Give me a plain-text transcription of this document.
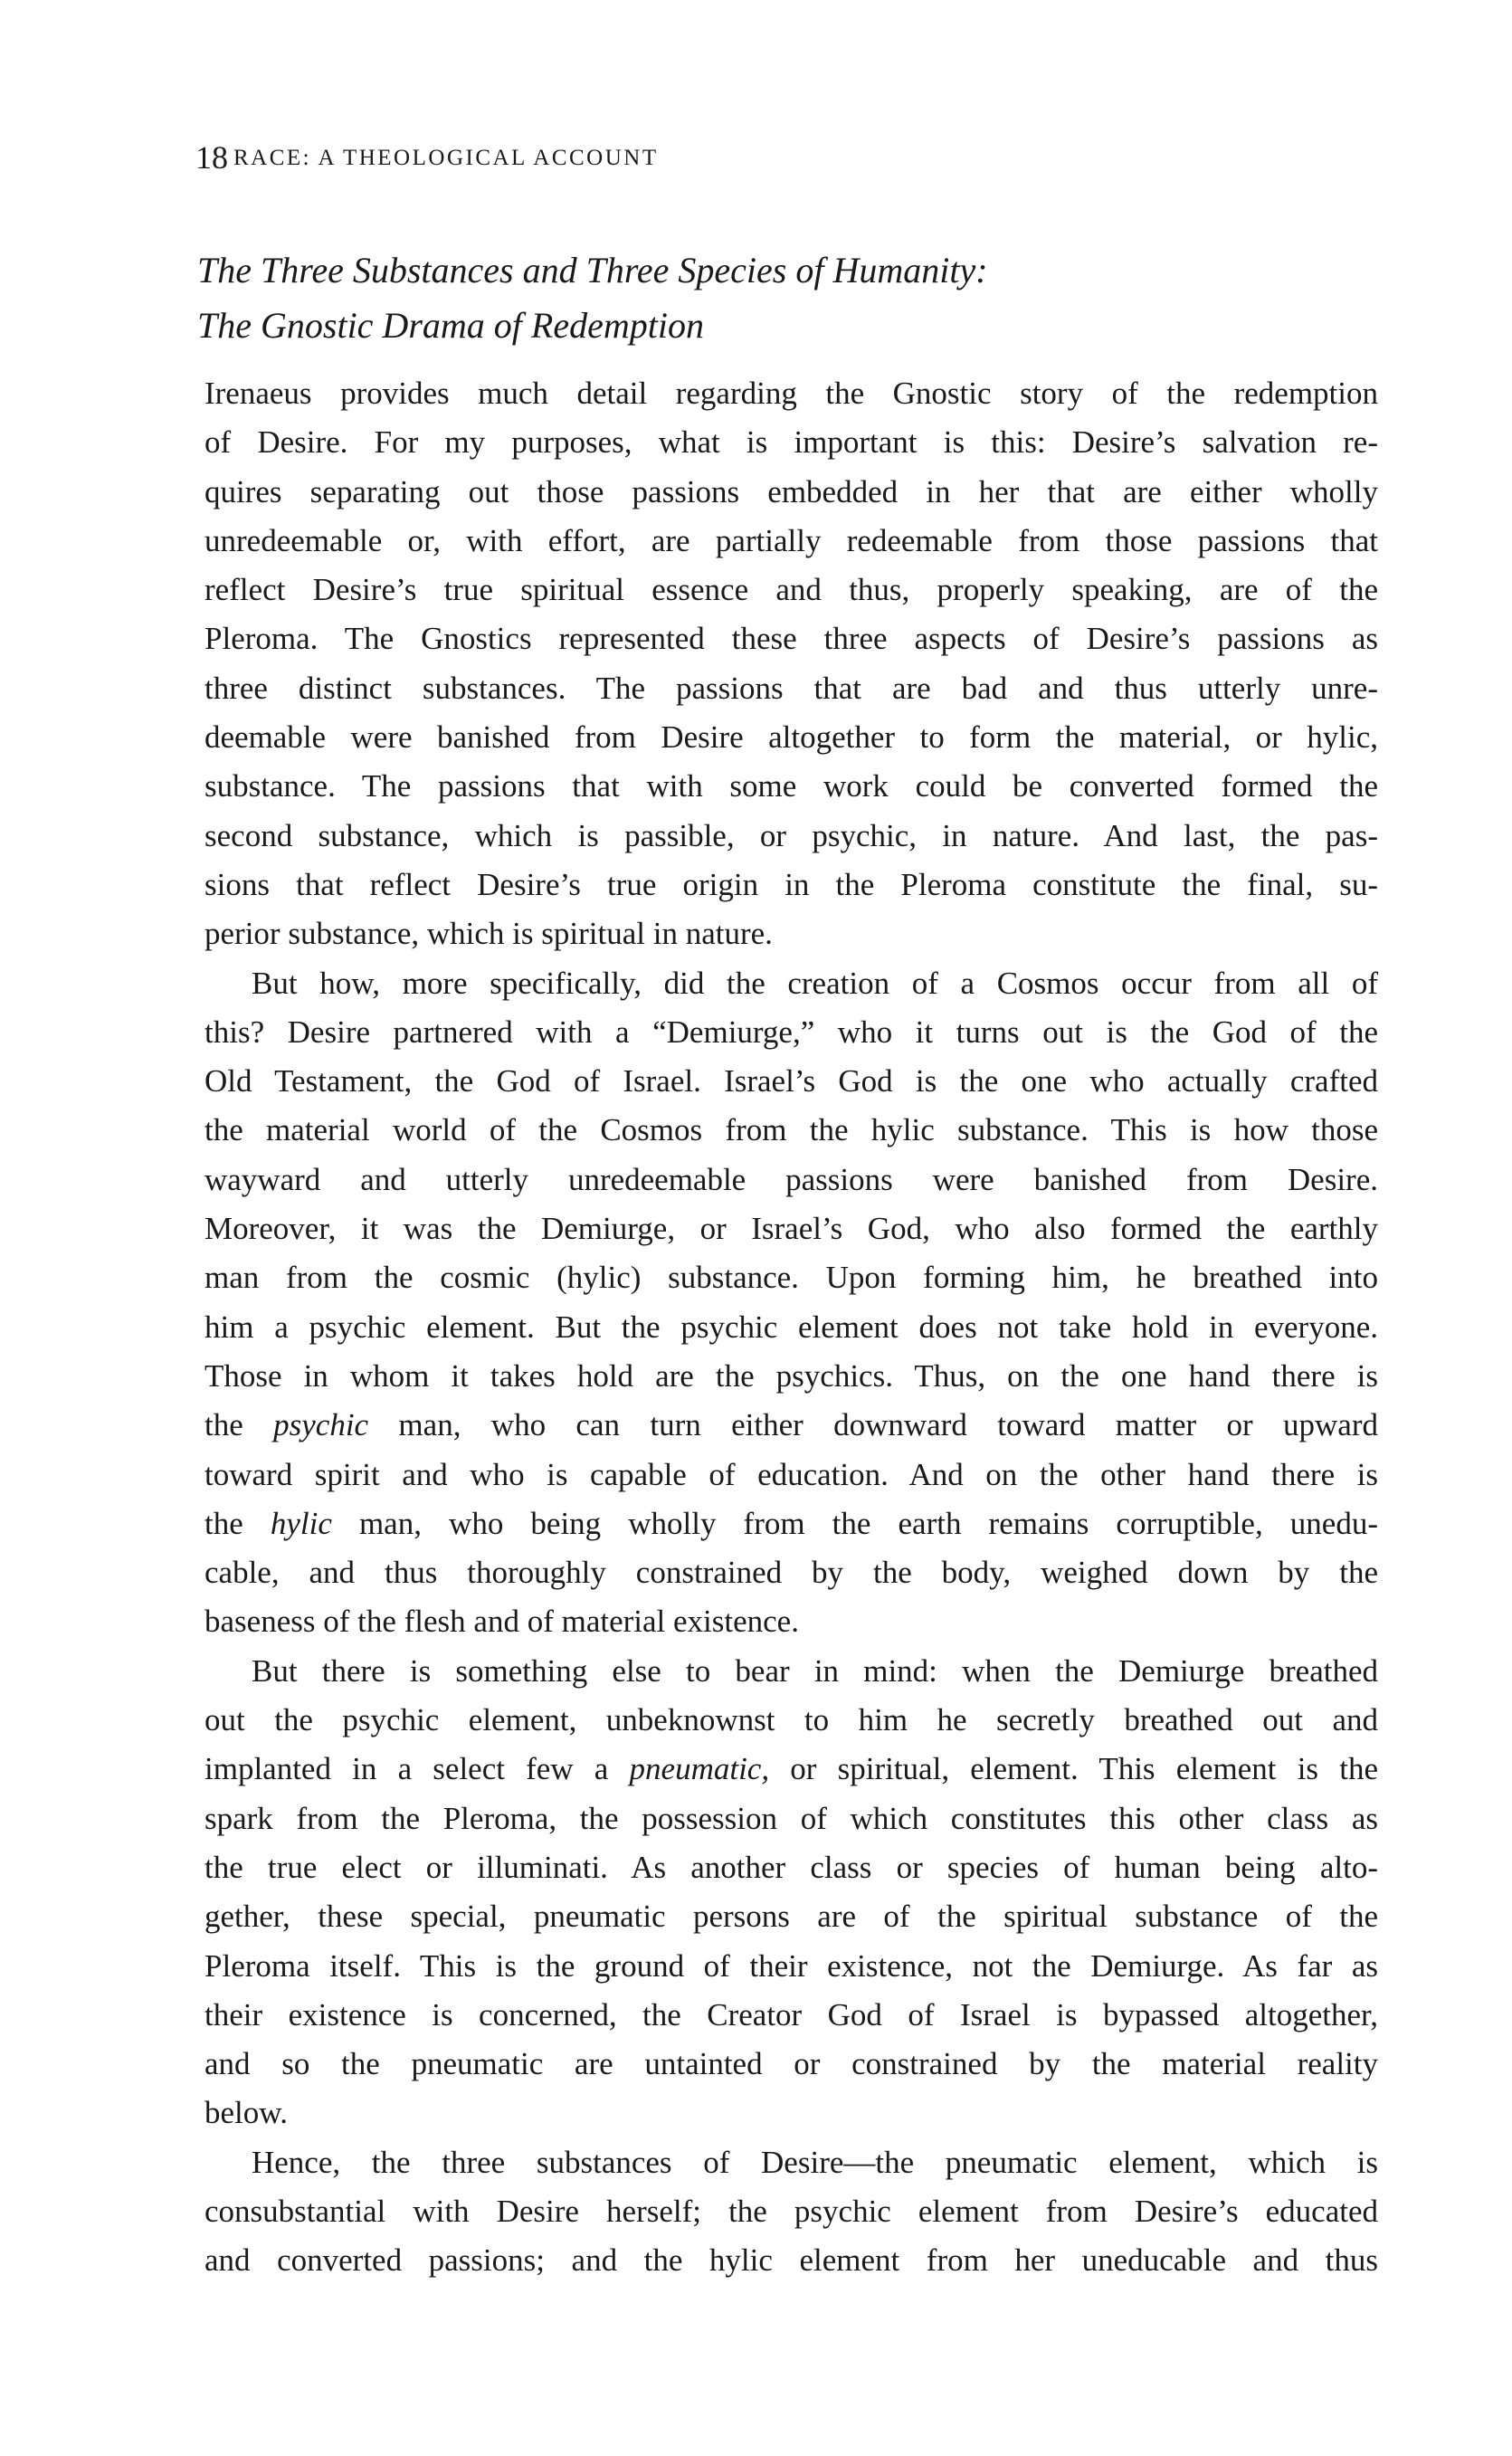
18 RACE: A THEOLOGICAL ACCOUNT
The Three Substances and Three Species of Humanity:
The Gnostic Drama of Redemption
Irenaeus provides much detail regarding the Gnostic story of the redemption
of Desire. For my purposes, what is important is this: Desire’s salvation re-
quires separating out those passions embedded in her that are either wholly
unredeemable or, with effort, are partially redeemable from those passions that
reflect Desire’s true spiritual essence and thus, properly speaking, are of the
Pleroma. The Gnostics represented these three aspects of Desire’s passions as
three distinct substances. The passions that are bad and thus utterly unre-
deemable were banished from Desire altogether to form the material, or hylic,
substance. The passions that with some work could be converted formed the
second substance, which is passible, or psychic, in nature. And last, the pas-
sions that reflect Desire’s true origin in the Pleroma constitute the final, su-
perior substance, which is spiritual in nature.
But how, more specifically, did the creation of a Cosmos occur from all of
this? Desire partnered with a “Demiurge,” who it turns out is the God of the
Old Testament, the God of Israel. Israel’s God is the one who actually crafted
the material world of the Cosmos from the hylic substance. This is how those
wayward and utterly unredeemable passions were banished from Desire.
Moreover, it was the Demiurge, or Israel’s God, who also formed the earthly
man from the cosmic (hylic) substance. Upon forming him, he breathed into
him a psychic element. But the psychic element does not take hold in everyone.
Those in whom it takes hold are the psychics. Thus, on the one hand there is
the psychic man, who can turn either downward toward matter or upward
toward spirit and who is capable of education. And on the other hand there is
the hylic man, who being wholly from the earth remains corruptible, unedu-
cable, and thus thoroughly constrained by the body, weighed down by the
baseness of the flesh and of material existence.
But there is something else to bear in mind: when the Demiurge breathed
out the psychic element, unbeknownst to him he secretly breathed out and
implanted in a select few a pneumatic, or spiritual, element. This element is the
spark from the Pleroma, the possession of which constitutes this other class as
the true elect or illuminati. As another class or species of human being alto-
gether, these special, pneumatic persons are of the spiritual substance of the
Pleroma itself. This is the ground of their existence, not the Demiurge. As far as
their existence is concerned, the Creator God of Israel is bypassed altogether,
and so the pneumatic are untainted or constrained by the material reality
below.
Hence, the three substances of Desire—the pneumatic element, which is
consubstantial with Desire herself; the psychic element from Desire’s educated
and converted passions; and the hylic element from her uneducable and thus
